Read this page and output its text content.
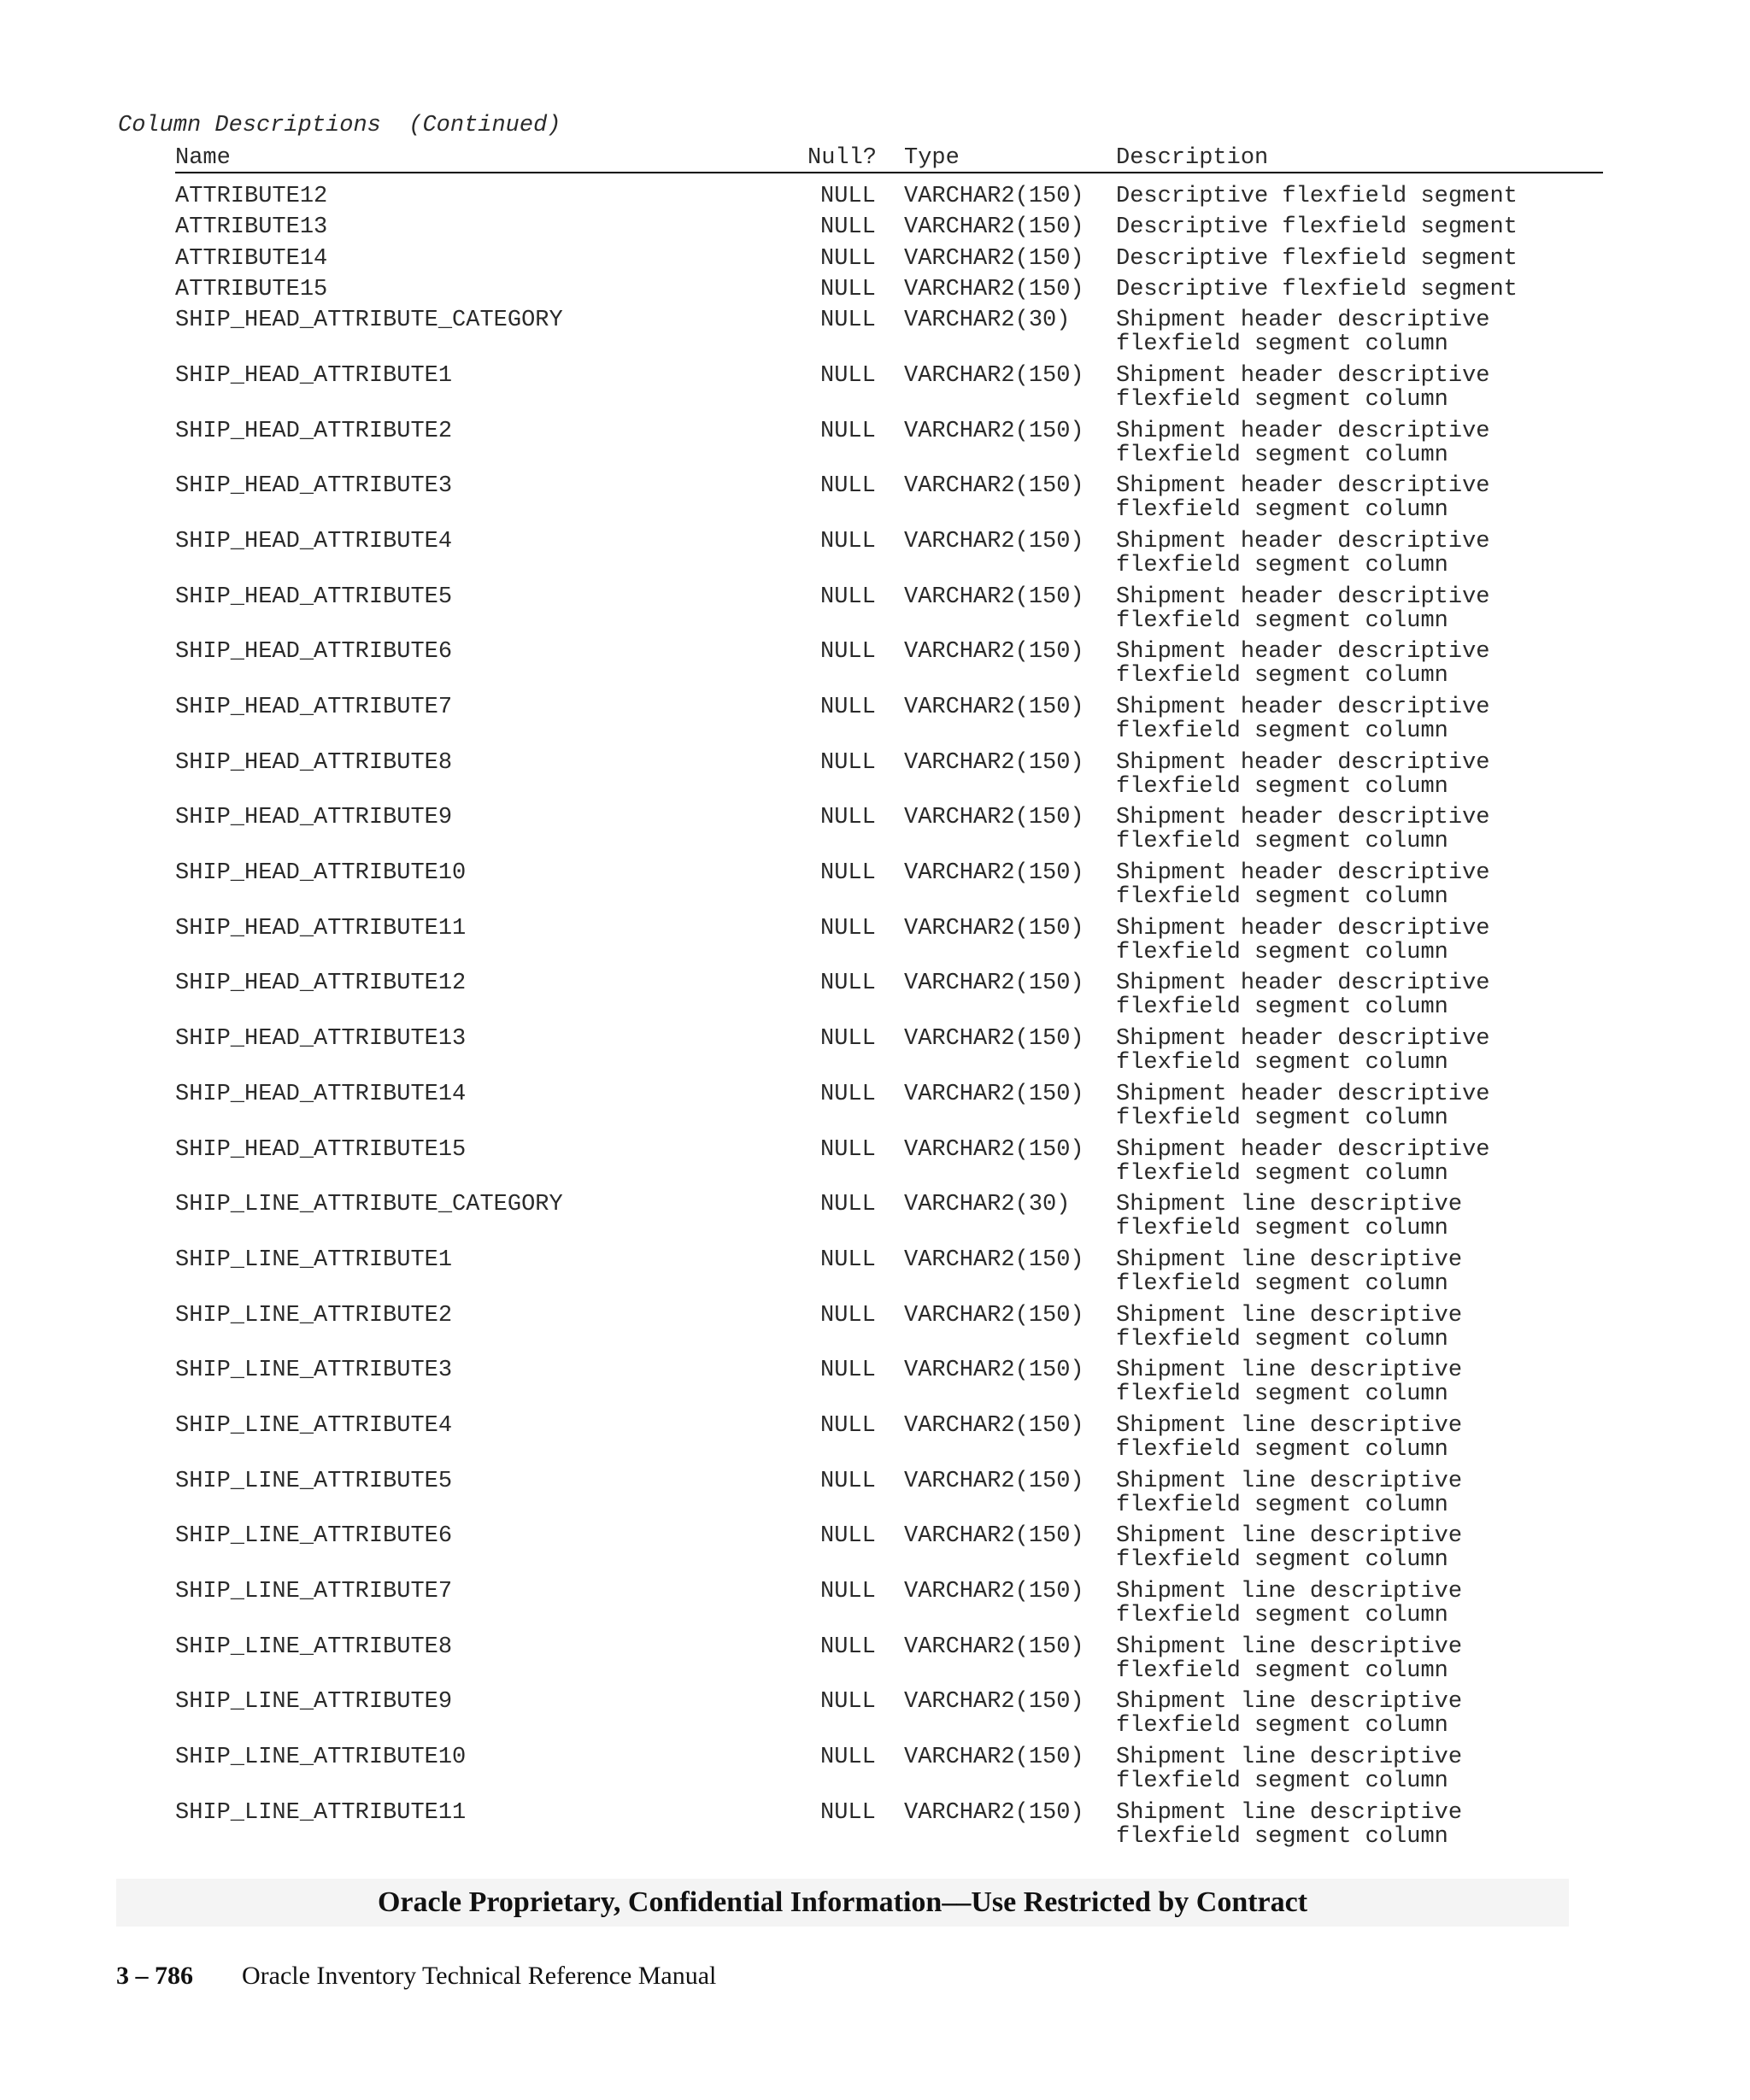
Column Descriptions  (Continued)
Name	Null? Type	Description
ATTRIBUTE12	NULL VARCHAR2(150) Descriptive flexfield segment
ATTRIBUTE13	NULL VARCHAR2(150) Descriptive flexfield segment
ATTRIBUTE14	NULL VARCHAR2(150) Descriptive flexfield segment
ATTRIBUTE15	NULL VARCHAR2(150) Descriptive flexfield segment
SHIP_HEAD_ATTRIBUTE_CATEGORY	NULL VARCHAR2(30) Shipment header descriptive
flexfield segment column
SHIP_HEAD_ATTRIBUTE1	NULL VARCHAR2(150) Shipment header descriptive
flexfield segment column
SHIP_HEAD_ATTRIBUTE2	NULL VARCHAR2(150) Shipment header descriptive
flexfield segment column
SHIP_HEAD_ATTRIBUTE3	NULL VARCHAR2(150) Shipment header descriptive
flexfield segment column
SHIP_HEAD_ATTRIBUTE4	NULL VARCHAR2(150) Shipment header descriptive
flexfield segment column
SHIP_HEAD_ATTRIBUTE5	NULL VARCHAR2(150) Shipment header descriptive
flexfield segment column
SHIP_HEAD_ATTRIBUTE6	NULL VARCHAR2(150) Shipment header descriptive
flexfield segment column
SHIP_HEAD_ATTRIBUTE7	NULL VARCHAR2(150) Shipment header descriptive
flexfield segment column
SHIP_HEAD_ATTRIBUTE8	NULL VARCHAR2(150) Shipment header descriptive
flexfield segment column
SHIP_HEAD_ATTRIBUTE9	NULL VARCHAR2(150) Shipment header descriptive
flexfield segment column
SHIP_HEAD_ATTRIBUTE10	NULL VARCHAR2(150) Shipment header descriptive
flexfield segment column
SHIP_HEAD_ATTRIBUTE11	NULL VARCHAR2(150) Shipment header descriptive
flexfield segment column
SHIP_HEAD_ATTRIBUTE12	NULL VARCHAR2(150) Shipment header descriptive
flexfield segment column
SHIP_HEAD_ATTRIBUTE13	NULL VARCHAR2(150) Shipment header descriptive
flexfield segment column
SHIP_HEAD_ATTRIBUTE14	NULL VARCHAR2(150) Shipment header descriptive
flexfield segment column
SHIP_HEAD_ATTRIBUTE15	NULL VARCHAR2(150) Shipment header descriptive
flexfield segment column
SHIP_LINE_ATTRIBUTE_CATEGORY	NULL VARCHAR2(30) Shipment line descriptive
flexfield segment column
SHIP_LINE_ATTRIBUTE1	NULL VARCHAR2(150) Shipment line descriptive
flexfield segment column
SHIP_LINE_ATTRIBUTE2	NULL VARCHAR2(150) Shipment line descriptive
flexfield segment column
SHIP_LINE_ATTRIBUTE3	NULL VARCHAR2(150) Shipment line descriptive
flexfield segment column
SHIP_LINE_ATTRIBUTE4	NULL VARCHAR2(150) Shipment line descriptive
flexfield segment column
SHIP_LINE_ATTRIBUTE5	NULL VARCHAR2(150) Shipment line descriptive
flexfield segment column
SHIP_LINE_ATTRIBUTE6	NULL VARCHAR2(150) Shipment line descriptive
flexfield segment column
SHIP_LINE_ATTRIBUTE7	NULL VARCHAR2(150) Shipment line descriptive
flexfield segment column
SHIP_LINE_ATTRIBUTE8	NULL VARCHAR2(150) Shipment line descriptive
flexfield segment column
SHIP_LINE_ATTRIBUTE9	NULL VARCHAR2(150) Shipment line descriptive
flexfield segment column
SHIP_LINE_ATTRIBUTE10	NULL VARCHAR2(150) Shipment line descriptive
flexfield segment column
SHIP_LINE_ATTRIBUTE11	NULL VARCHAR2(150) Shipment line descriptive
flexfield segment column
Oracle Proprietary, Confidential Information––Use Restricted by Contract
3 – 786 Oracle Inventory Technical Reference Manual
